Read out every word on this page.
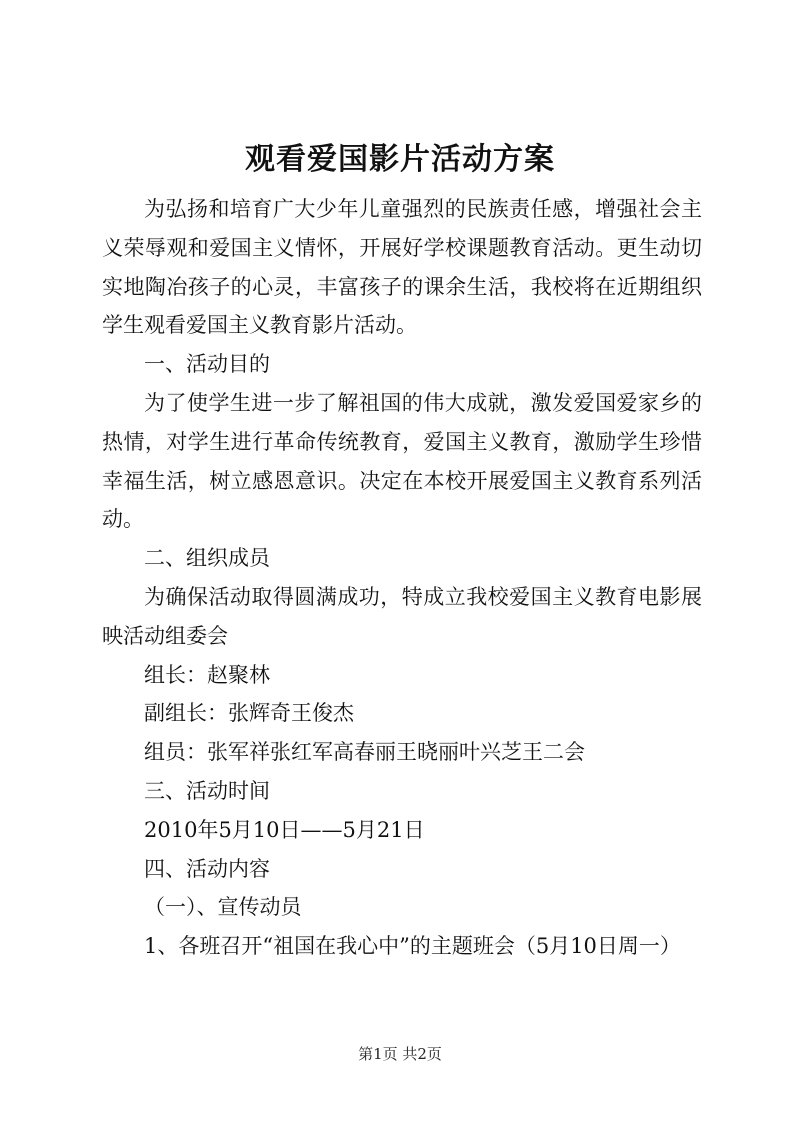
观看爱国影片活动方案

为弘扬和培育广大少年儿童强烈的民族责任感，增强社会主义荣辱观和爱国主义情怀，开展好学校课题教育活动。更生动切实地陶冶孩子的心灵，丰富孩子的课余生活，我校将在近期组织学生观看爱国主义教育影片活动。

一、活动目的

为了使学生进一步了解祖国的伟大成就，激发爱国爱家乡的热情，对学生进行革命传统教育，爱国主义教育，激励学生珍惜幸福生活，树立感恩意识。决定在本校开展爱国主义教育系列活动。

二、组织成员

为确保活动取得圆满成功，特成立我校爱国主义教育电影展映活动组委会

组长：赵聚林

副组长：张辉奇王俊杰

组员：张军祥张红军高春丽王晓丽叶兴芝王二会

三、活动时间

2010年5月10日——5月21日

四、活动内容

（一）、宣传动员

1、各班召开“祖国在我心中”的主题班会（5月10日周一）

第1页 共2页
